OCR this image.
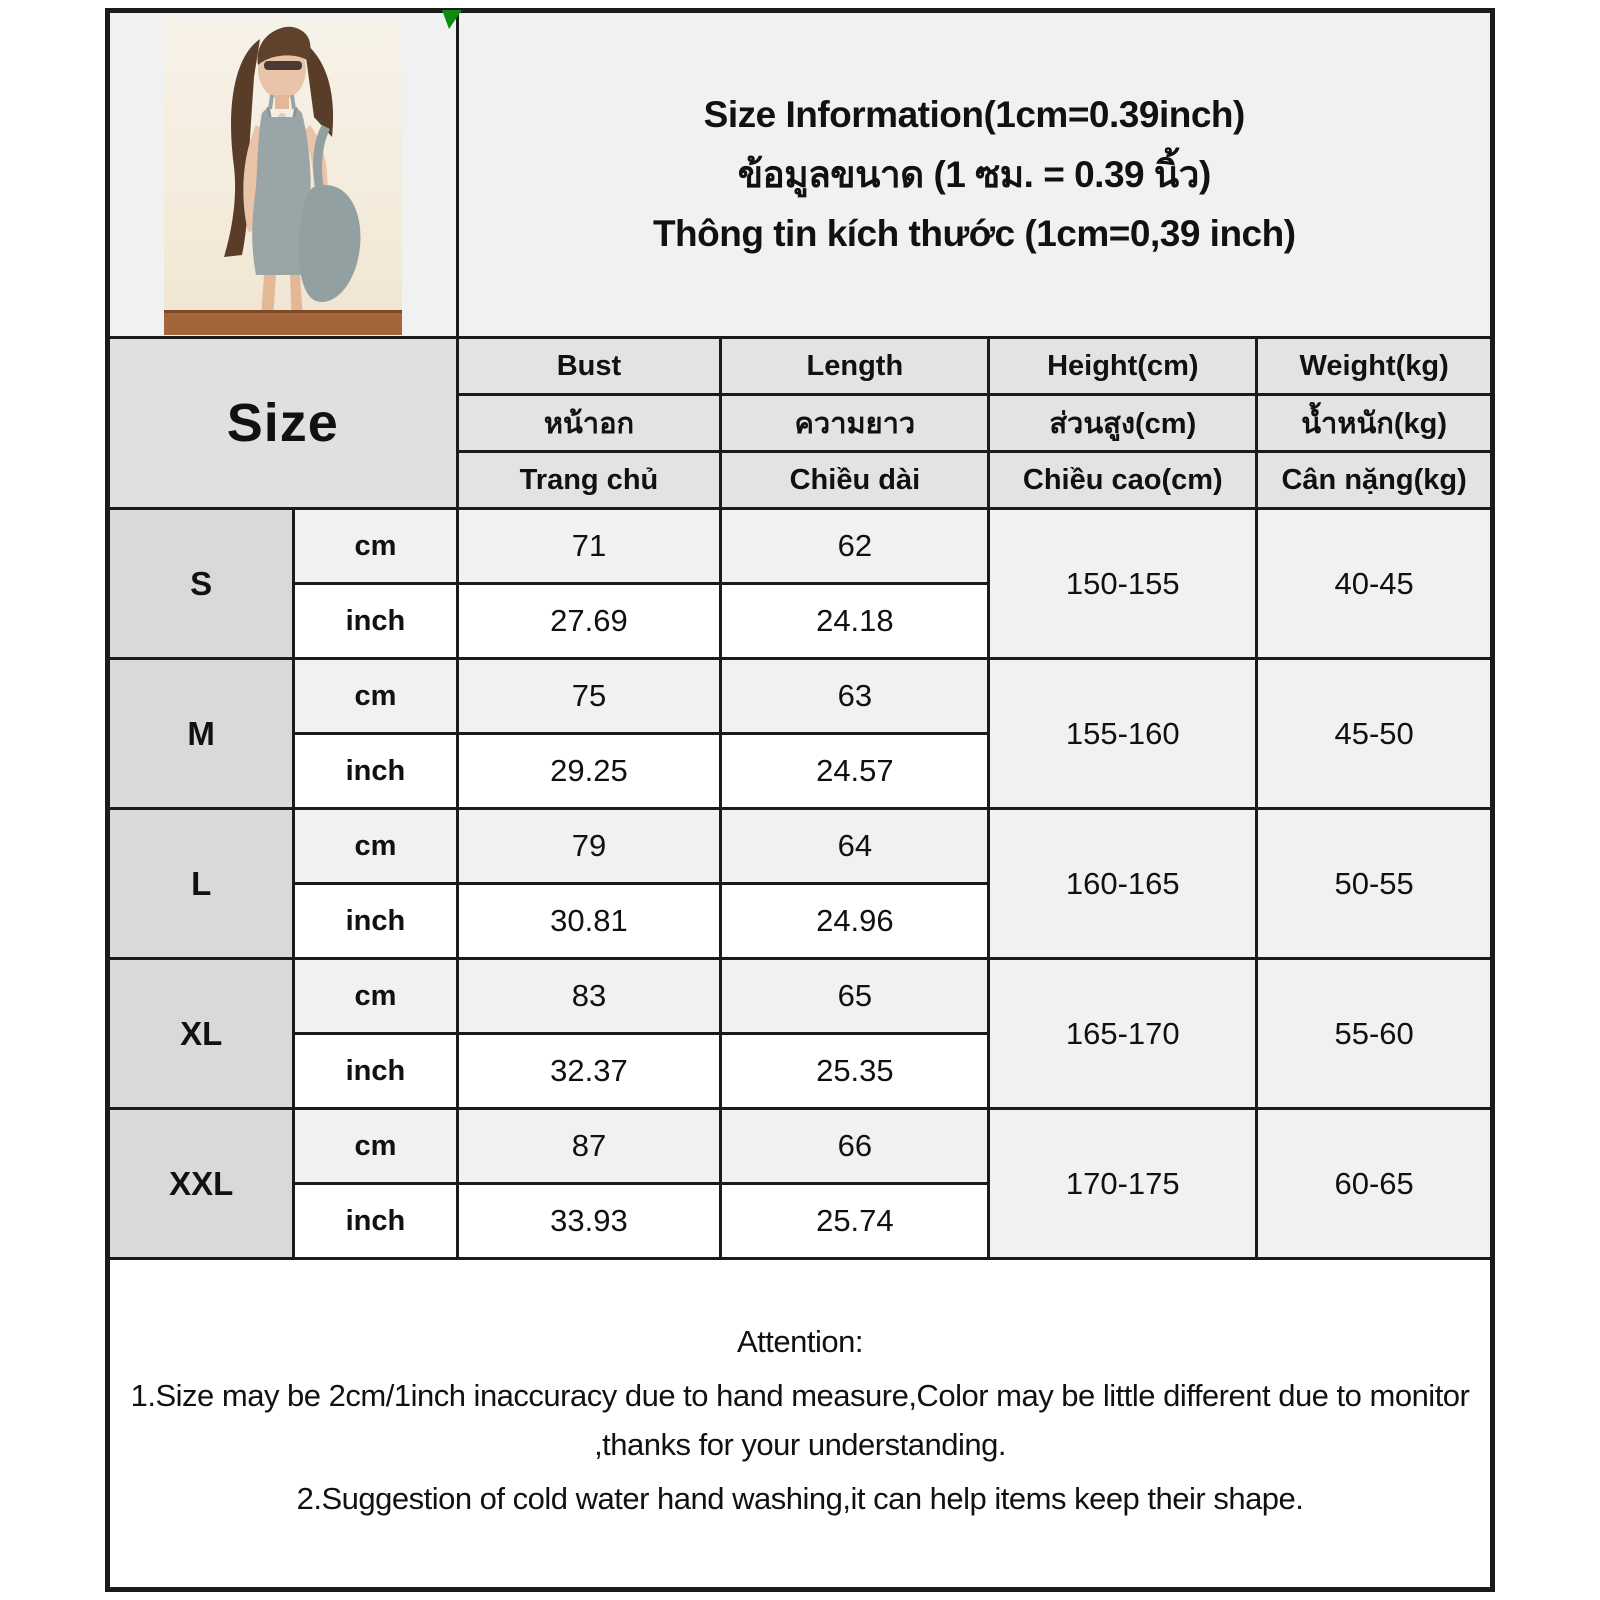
Size Information(1cm=0.39inch)
ข้อมูลขนาด (1 ซม. = 0.39 นิ้ว)
Thông tin kích thước (1cm=0,39 inch)			

Size		Bust	Length	Height(cm)	Weight(kg)
		หน้าอก	ความยาว	ส่วนสูง(cm)	น้ำหนัก(kg)
		Trang chủ	Chiều dài	Chiều cao(cm)	Cân nặng(kg)
S	cm	71	62	150-155	40-45
	inch	27.69	24.18		
M	cm	75	63	155-160	45-50
	inch	29.25	24.57		
L	cm	79	64	160-165	50-55
	inch	30.81	24.96		
XL	cm	83	65	165-170	55-60
	inch	32.37	25.35		
XXL	cm	87	66	170-175	60-65
	inch	33.93	25.74		

Attention:

1.Size may be 2cm/1inch inaccuracy due to hand measure,Color may be little different due to monitor ,thanks for your understanding.

2.Suggestion of cold water hand washing,it can help items keep their shape.					
